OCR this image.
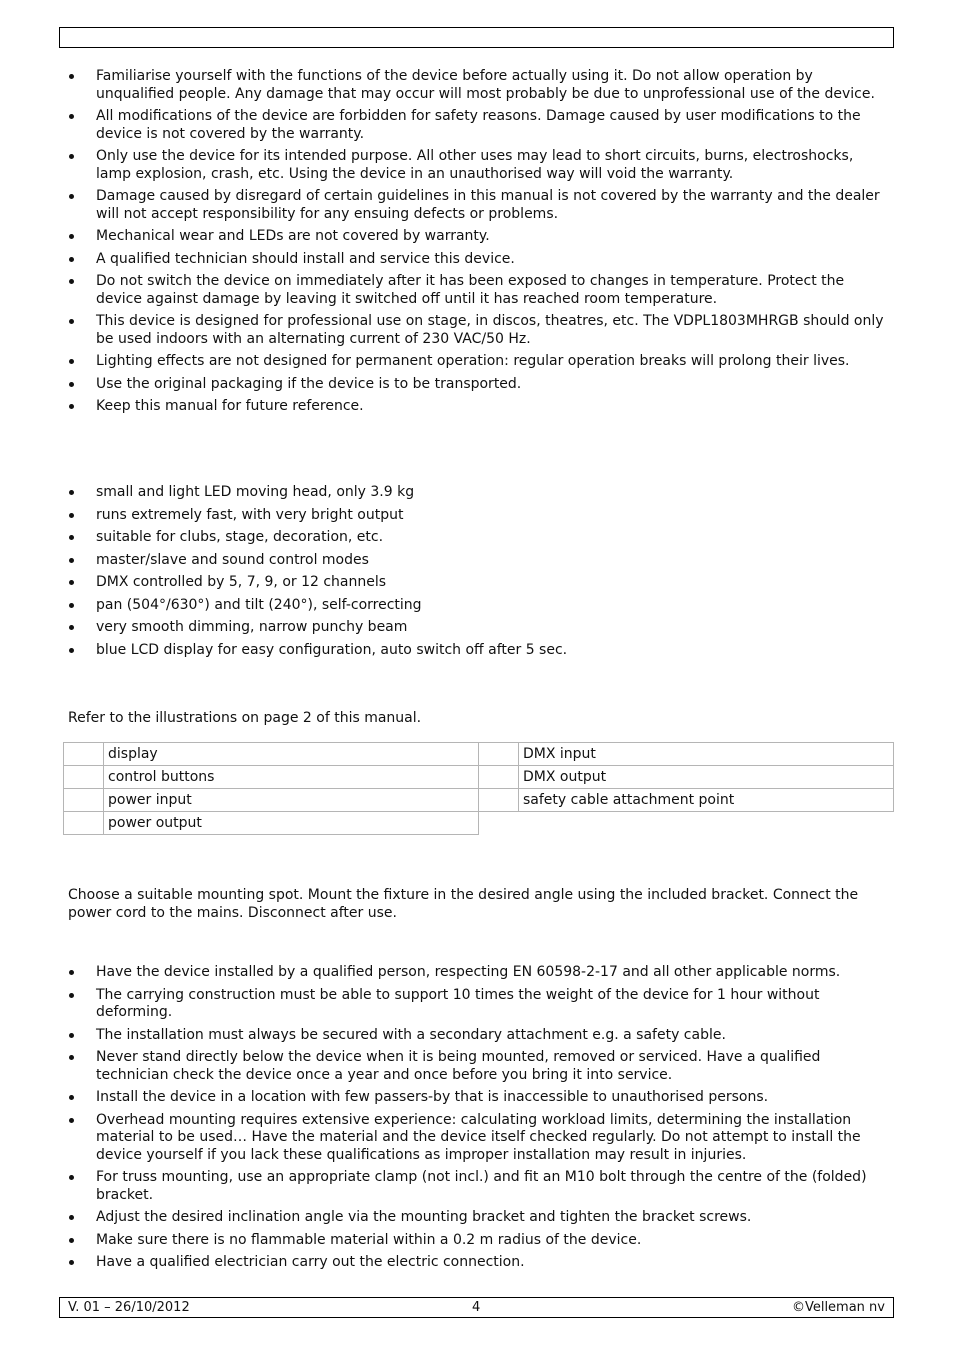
Familiarise yourself with the functions of the device before actually using it. Do not allow operation by unqualified people. Any damage that may occur will most probably be due to unprofessional use of the device.
All modifications of the device are forbidden for safety reasons. Damage caused by user modifications to the device is not covered by the warranty.
Only use the device for its intended purpose. All other uses may lead to short circuits, burns, electroshocks, lamp explosion, crash, etc. Using the device in an unauthorised way will void the warranty.
Damage caused by disregard of certain guidelines in this manual is not covered by the warranty and the dealer will not accept responsibility for any ensuing defects or problems.
Mechanical wear and LEDs are not covered by warranty.
A qualified technician should install and service this device.
Do not switch the device on immediately after it has been exposed to changes in temperature. Protect the device against damage by leaving it switched off until it has reached room temperature.
This device is designed for professional use on stage, in discos, theatres, etc. The VDPL1803MHRGB should only be used indoors with an alternating current of 230 VAC/50 Hz.
Lighting effects are not designed for permanent operation: regular operation breaks will prolong their lives.
Use the original packaging if the device is to be transported.
Keep this manual for future reference.
small and light LED moving head, only 3.9 kg
runs extremely fast, with very bright output
suitable for clubs, stage, decoration, etc.
master/slave and sound control modes
DMX controlled by 5, 7, 9, or 12 channels
pan (504°/630°) and tilt (240°), self-correcting
very smooth dimming, narrow punchy beam
blue LCD display for easy configuration, auto switch off after 5 sec.

Refer to the illustrations on page 2 of this manual.

	display		DMX input
	control buttons		DMX output
	power input		safety cable attachment point
	power output		

Choose a suitable mounting spot. Mount the fixture in the desired angle using the included bracket. Connect the power cord to the mains. Disconnect after use.

Have the device installed by a qualified person, respecting EN 60598-2-17 and all other applicable norms.
The carrying construction must be able to support 10 times the weight of the device for 1 hour without deforming.
The installation must always be secured with a secondary attachment e.g. a safety cable.
Never stand directly below the device when it is being mounted, removed or serviced. Have a qualified technician check the device once a year and once before you bring it into service.
Install the device in a location with few passers-by that is inaccessible to unauthorised persons.
Overhead mounting requires extensive experience: calculating workload limits, determining the installation material to be used… Have the material and the device itself checked regularly. Do not attempt to install the device yourself if you lack these qualifications as improper installation may result in injuries.
For truss mounting, use an appropriate clamp (not incl.) and fit an M10 bolt through the centre of the (folded) bracket.
Adjust the desired inclination angle via the mounting bracket and tighten the bracket screws.
Make sure there is no flammable material within a 0.2 m radius of the device.
Have a qualified electrician carry out the electric connection.
V. 01 – 26/10/2012	4	©Velleman nv
